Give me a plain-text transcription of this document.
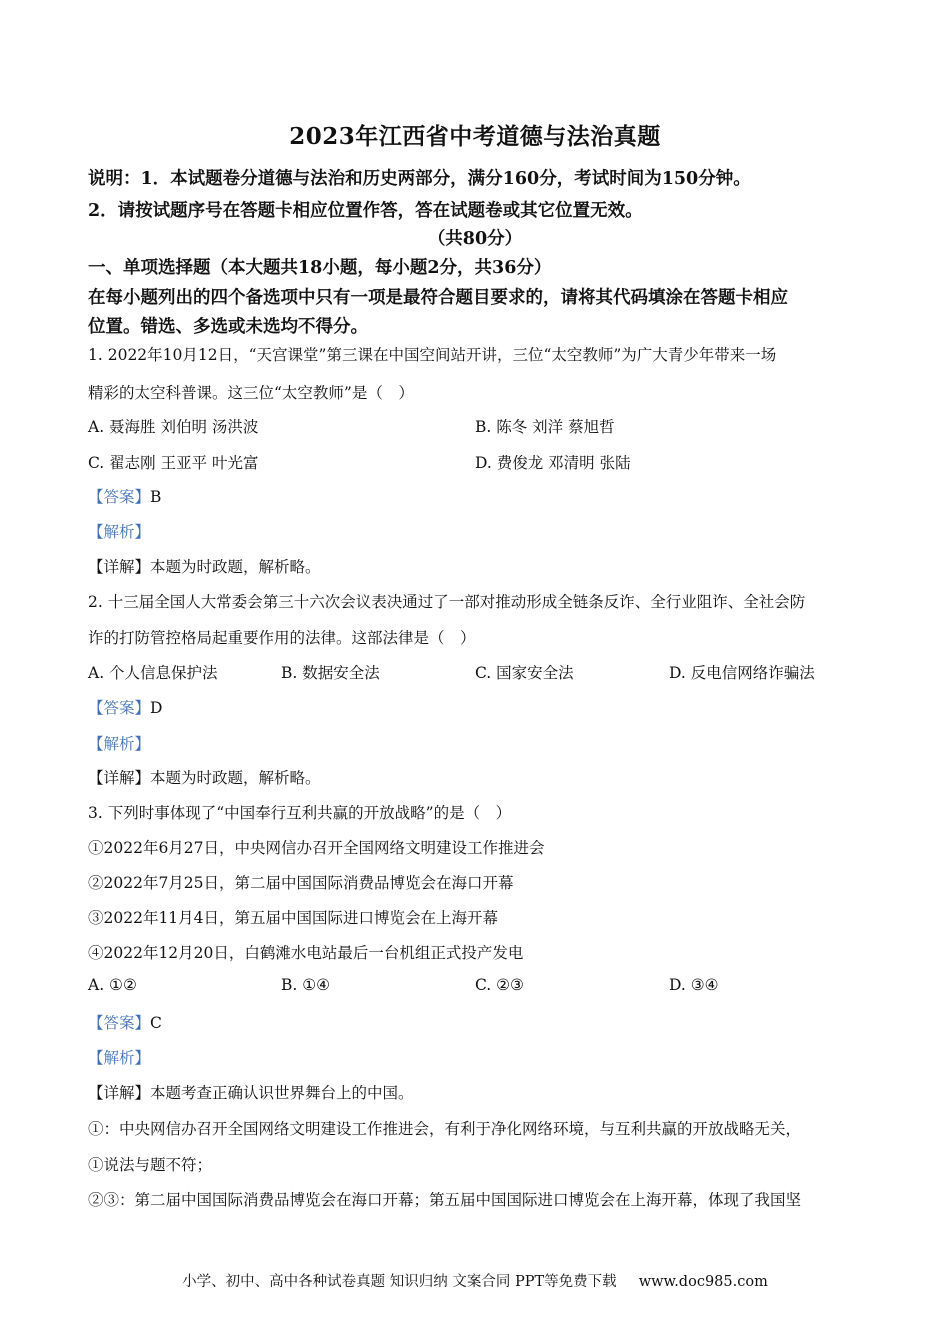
2023年江西省中考道德与法治真题
说明：1．本试题卷分道德与法治和历史两部分，满分160分，考试时间为150分钟。
2．请按试题序号在答题卡相应位置作答，答在试题卷或其它位置无效。
（共80分）
一、单项选择题（本大题共18小题，每小题2分，共36分）
在每小题列出的四个备选项中只有一项是最符合题目要求的，请将其代码填涂在答题卡相应
位置。错选、多选或未选均不得分。
1. 2022年10月12日，“天宫课堂”第三课在中国空间站开讲，三位“太空教师”为广大青少年带来一场
精彩的太空科普课。这三位“太空教师”是（　）
A. 聂海胜 刘伯明 汤洪波	B. 陈冬 刘洋 蔡旭哲
C. 翟志刚 王亚平 叶光富	D. 费俊龙 邓清明 张陆
【答案】B
【解析】
【详解】本题为时政题，解析略。
2. 十三届全国人大常委会第三十六次会议表决通过了一部对推动形成全链条反诈、全行业阻诈、全社会防
诈的打防管控格局起重要作用的法律。这部法律是（　）
A. 个人信息保护法	B. 数据安全法	C. 国家安全法	D. 反电信网络诈骗法
【答案】D
【解析】
【详解】本题为时政题，解析略。
3. 下列时事体现了“中国奉行互利共赢的开放战略”的是（　）
①2022年6月27日，中央网信办召开全国网络文明建设工作推进会
②2022年7月25日，第二届中国国际消费品博览会在海口开幕
③2022年11月4日，第五届中国国际进口博览会在上海开幕
④2022年12月20日，白鹤滩水电站最后一台机组正式投产发电
A. ①②	B. ①④	C. ②③	D. ③④
【答案】C
【解析】
【详解】本题考查正确认识世界舞台上的中国。
①：中央网信办召开全国网络文明建设工作推进会，有利于净化网络环境，与互利共赢的开放战略无关，
①说法与题不符；
②③：第二届中国国际消费品博览会在海口开幕；第五届中国国际进口博览会在上海开幕，体现了我国坚
小学、初中、高中各种试卷真题 知识归纳 文案合同 PPT等免费下载 www.doc985.com
